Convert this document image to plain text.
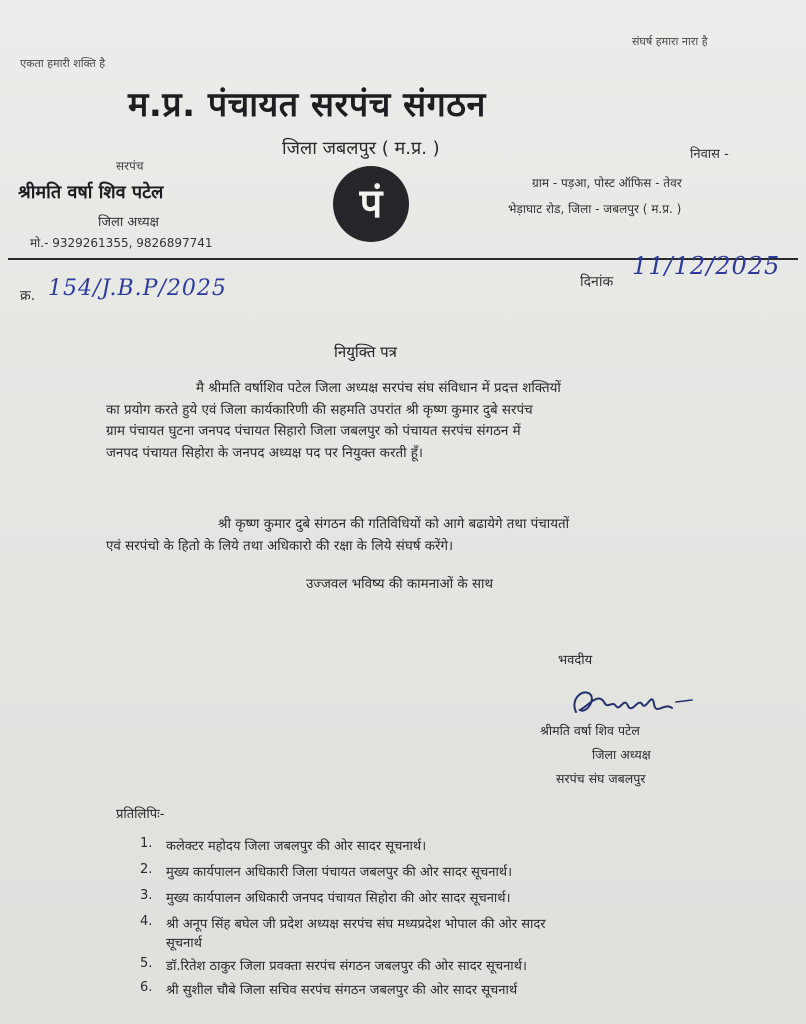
एकता हमारी शक्ति है
संघर्ष हमारा नारा है
म.प्र. पंचायत सरपंच संगठन
जिला जबलपुर ( म.प्र. )
सरपंच
श्रीमति वर्षा शिव पटेल
जिला अध्यक्ष
मो.- 9329261355, 9826897741
पं
निवास -
ग्राम - पड़आ, पोस्ट ऑफिस - तेवर
भेड़ाघाट रोड, जिला - जबलपुर ( म.प्र. )
क्र. 154/J.B.P/2025	दिनांक
11/12/2025
नियुक्ति पत्र
मै श्रीमति वर्षाशिव पटेल जिला अध्यक्ष सरपंच संघ संविधान में प्रदत्त शक्तियों
का प्रयोग करते हुये एवं जिला कार्यकारिणी की सहमति उपरांत श्री कृष्ण कुमार दुबे सरपंच
ग्राम पंचायत घुटना जनपद पंचायत सिहारो जिला जबलपुर को पंचायत सरपंच संगठन में
जनपद पंचायत सिहोरा के जनपद अध्यक्ष पद पर नियुक्त करती हूँ।
श्री कृष्ण कुमार दुबे संगठन की गतिविधियों को आगे बढायेगे तथा पंचायतों
एवं सरपंचो के हितो के लिये तथा अधिकारो की रक्षा के लिये संघर्ष करेंगे।
उज्जवल भविष्य की कामनाओं के साथ
भवदीय
श्रीमति वर्षा शिव पटेल
जिला अध्यक्ष
सरपंच संघ जबलपुर
प्रतिलिपिः-
1.	कलेक्टर महोदय जिला जबलपुर की ओर सादर सूचनार्थ।
2.	मुख्य कार्यपालन अधिकारी जिला पंचायत जबलपुर की ओर सादर सूचनार्थ।
3.	मुख्य कार्यपालन अधिकारी जनपद पंचायत सिहोरा की ओर सादर सूचनार्थ।
4.	श्री अनूप सिंह बघेल जी प्रदेश अध्यक्ष सरपंच संघ मध्यप्रदेश भोपाल की ओर सादर
सूचनार्थ
5.	डॉ.रितेश ठाकुर जिला प्रवक्ता सरपंच संगठन जबलपुर की ओर सादर सूचनार्थ।
6.	श्री सुशील चौबे जिला सचिव सरपंच संगठन जबलपुर की ओर सादर सूचनार्थ
